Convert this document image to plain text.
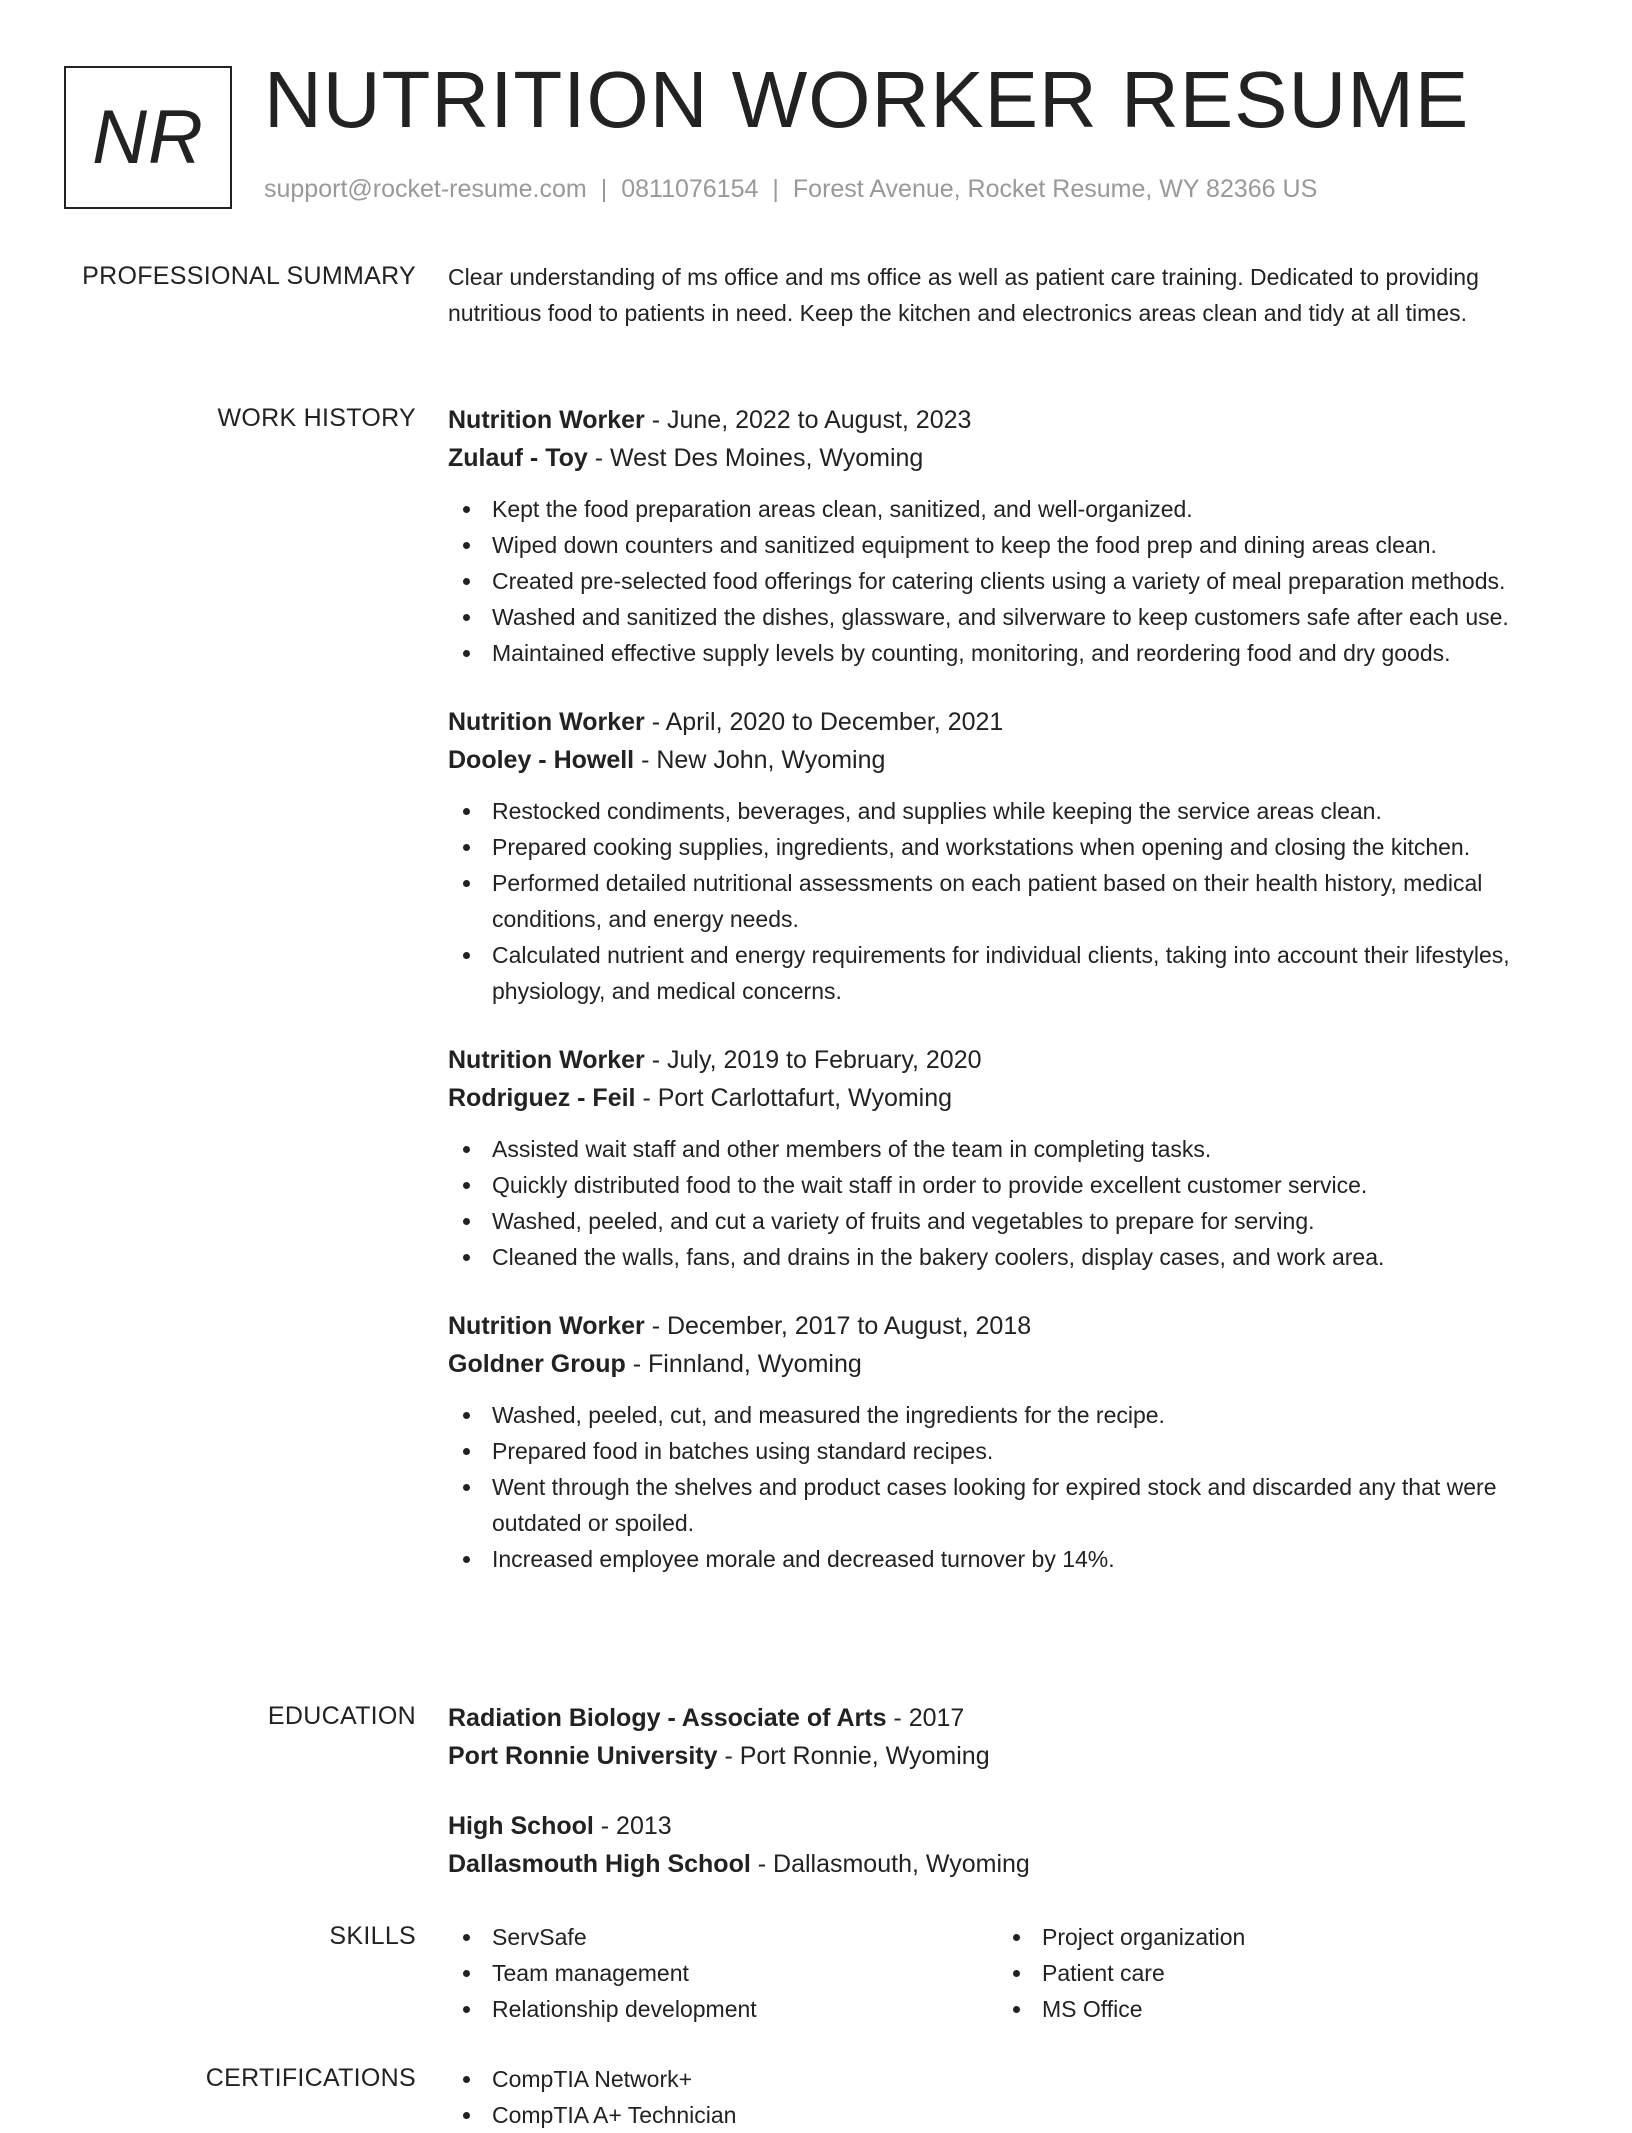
NR NUTRITION WORKER RESUME
support@rocket-resume.com | 0811076154 | Forest Avenue, Rocket Resume, WY 82366 US
PROFESSIONAL SUMMARY Clear understanding of ms office and ms office as well as patient care training. Dedicated to providing nutritious food to patients in need. Keep the kitchen and electronics areas clean and tidy at all times.

WORK HISTORY Nutrition Worker - June, 2022 to August, 2023
Zulauf - Toy - West Des Moines, Wyoming
Kept the food preparation areas clean, sanitized, and well-organized.
Wiped down counters and sanitized equipment to keep the food prep and dining areas clean.
Created pre-selected food offerings for catering clients using a variety of meal preparation methods.
Washed and sanitized the dishes, glassware, and silverware to keep customers safe after each use.
Maintained effective supply levels by counting, monitoring, and reordering food and dry goods.
Nutrition Worker - April, 2020 to December, 2021
Dooley - Howell - New John, Wyoming
Restocked condiments, beverages, and supplies while keeping the service areas clean.
Prepared cooking supplies, ingredients, and workstations when opening and closing the kitchen.
Performed detailed nutritional assessments on each patient based on their health history, medical conditions, and energy needs.
Calculated nutrient and energy requirements for individual clients, taking into account their lifestyles, physiology, and medical concerns.
Nutrition Worker - July, 2019 to February, 2020
Rodriguez - Feil - Port Carlottafurt, Wyoming
Assisted wait staff and other members of the team in completing tasks.
Quickly distributed food to the wait staff in order to provide excellent customer service.
Washed, peeled, and cut a variety of fruits and vegetables to prepare for serving.
Cleaned the walls, fans, and drains in the bakery coolers, display cases, and work area.
Nutrition Worker - December, 2017 to August, 2018
Goldner Group - Finnland, Wyoming
Washed, peeled, cut, and measured the ingredients for the recipe.
Prepared food in batches using standard recipes.
Went through the shelves and product cases looking for expired stock and discarded any that were outdated or spoiled.
Increased employee morale and decreased turnover by 14%.
EDUCATION Radiation Biology - Associate of Arts - 2017
Port Ronnie University - Port Ronnie, Wyoming
High School - 2013
Dallasmouth High School - Dallasmouth, Wyoming
SKILLS	ServSafe
Team management
Relationship development
Project organization
Patient care
MS Office
CERTIFICATIONS	CompTIA Network+
CompTIA A+ Technician
